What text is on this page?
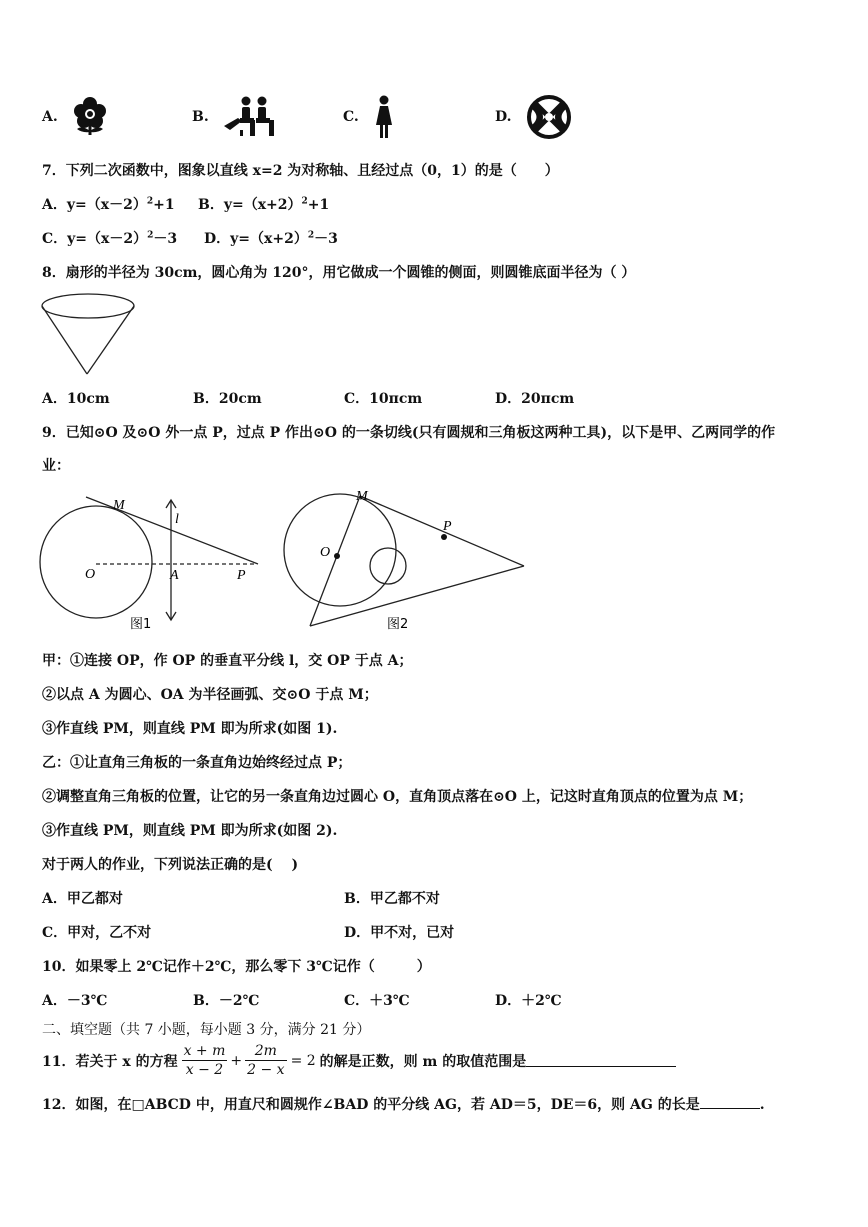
A.	B.	C.	D.
7．下列二次函数中，图象以直线 x=2 为对称轴、且经过点（0，1）的是（　　）
A．$y=(x-2)^2+1$ B．$y=(x+2)^2+1$
C．$y=(x-2)^2-3$ D．$y=(x+2)^2-3$
8．扇形的半径为 30cm，圆心角为 120°，用它做成一个圆锥的侧面，则圆锥底面半径为（ ）
A．10cm	B．20cm	C．10πcm	D．20πcm
9．已知⊙O 及⊙O 外一点 P，过点 P 作出⊙O 的一条切线(只有圆规和三角板这两种工具)，以下是甲、乙两同学的作
业：
M
l
O	A	P
图1
M
O
P
图2
甲：①连接 OP，作 OP 的垂直平分线 l，交 OP 于点 A；
②以点 A 为圆心、OA 为半径画弧、交⊙O 于点 M；
③作直线 PM，则直线 PM 即为所求(如图 1).
乙：①让直角三角板的一条直角边始终经过点 P；
②调整直角三角板的位置，让它的另一条直角边过圆心 O，直角顶点落在⊙O 上，记这时直角顶点的位置为点 M；
③作直线 PM，则直线 PM 即为所求(如图 2).
对于两人的作业，下列说法正确的是(　 )
A．甲乙都对	B．甲乙都不对
C．甲对，乙不对	D．甲不对，已对
10．如果零上 2℃记作＋2℃，那么零下 3℃记作（　　　）
A．－3℃	B．－2℃	C．＋3℃	D．＋2℃
二、填空题（共 7 小题，每小题 3 分，满分 21 分）
11．若关于 x 的方程 $\frac{x + m}{x - 2} + \frac{2m}{2 - x} = 2$ 的解是正数，则 m 的取值范围是
12．如图，在□ABCD 中，用直尺和圆规作∠BAD 的平分线 AG，若 AD＝5，DE＝6，则 AG 的长是	.
